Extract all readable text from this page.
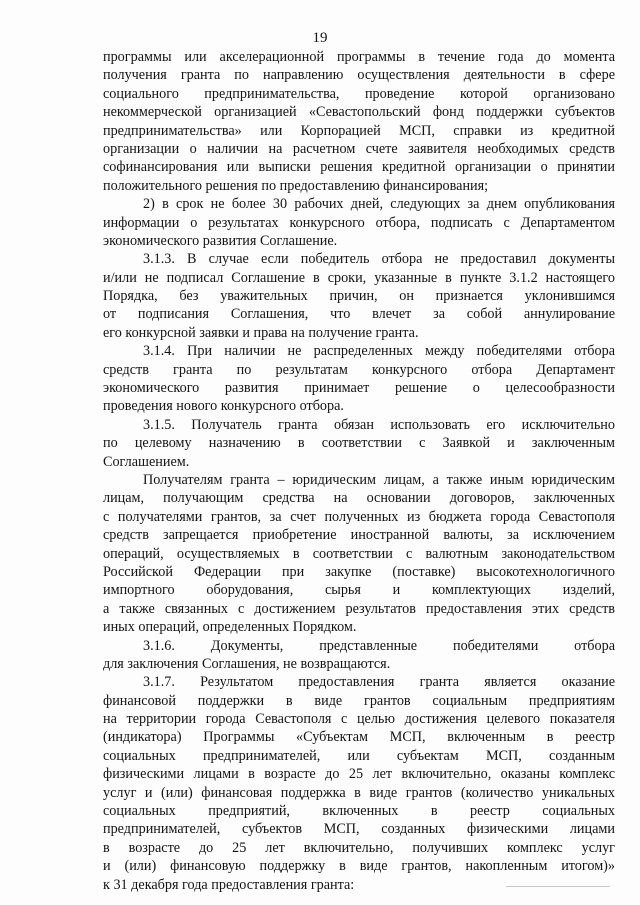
19
программы или акселерационной программы в течение года до момента
получения гранта по направлению осуществления деятельности в сфере
социального предпринимательства, проведение которой организовано
некоммерческой организацией «Севастопольский фонд поддержки субъектов
предпринимательства» или Корпорацией МСП, справки из кредитной
организации о наличии на расчетном счете заявителя необходимых средств
софинансирования или выписки решения кредитной организации о принятии
положительного решения по предоставлению финансирования;
2) в срок не более 30 рабочих дней, следующих за днем опубликования
информации о результатах конкурсного отбора, подписать с Департаментом
экономического развития Соглашение.
3.1.3. В случае если победитель отбора не предоставил документы
и/или не подписал Соглашение в сроки, указанные в пункте 3.1.2 настоящего
Порядка, без уважительных причин, он признается уклонившимся
от подписания Соглашения, что влечет за собой аннулирование
его конкурсной заявки и права на получение гранта.
3.1.4. При наличии не распределенных между победителями отбора
средств гранта по результатам конкурсного отбора Департамент
экономического развития принимает решение о целесообразности
проведения нового конкурсного отбора.
3.1.5. Получатель гранта обязан использовать его исключительно
по целевому назначению в соответствии с Заявкой и заключенным
Соглашением.
Получателям гранта – юридическим лицам, а также иным юридическим
лицам, получающим средства на основании договоров, заключенных
с получателями грантов, за счет полученных из бюджета города Севастополя
средств запрещается приобретение иностранной валюты, за исключением
операций, осуществляемых в соответствии с валютным законодательством
Российской Федерации при закупке (поставке) высокотехнологичного
импортного оборудования, сырья и комплектующих изделий,
а также связанных с достижением результатов предоставления этих средств
иных операций, определенных Порядком.
3.1.6. Документы, представленные победителями отбора
для заключения Соглашения, не возвращаются.
3.1.7. Результатом предоставления гранта является оказание
финансовой поддержки в виде грантов социальным предприятиям
на территории города Севастополя с целью достижения целевого показателя
(индикатора) Программы «Субъектам МСП, включенным в реестр
социальных предпринимателей, или субъектам МСП, созданным
физическими лицами в возрасте до 25 лет включительно, оказаны комплекс
услуг и (или) финансовая поддержка в виде грантов (количество уникальных
социальных предприятий, включенных в реестр социальных
предпринимателей, субъектов МСП, созданных физическими лицами
в возрасте до 25 лет включительно, получивших комплекс услуг
и (или) финансовую поддержку в виде грантов, накопленным итогом)»
к 31 декабря года предоставления гранта:
